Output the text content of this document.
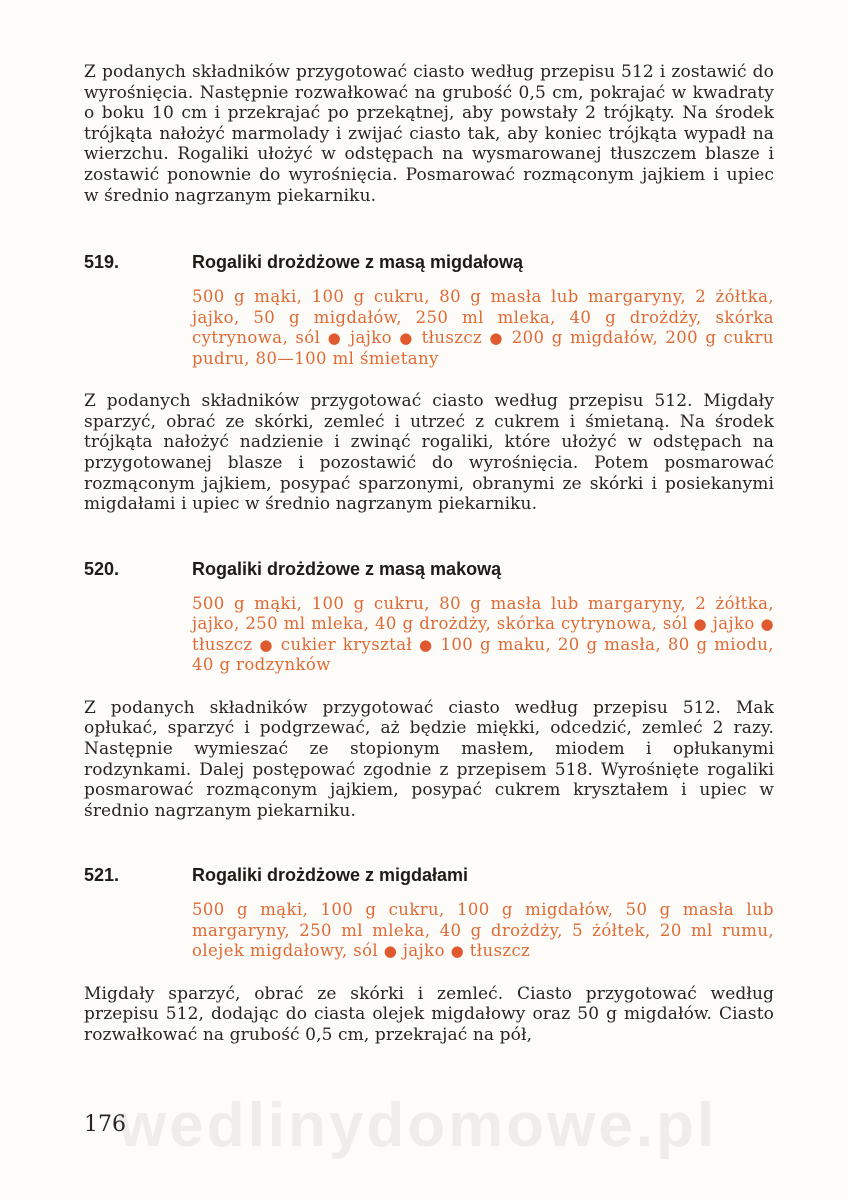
wedlinydomowe.pl

Z podanych składników przygotować ciasto według przepisu 512 i zostawić do wyrośnięcia. Następnie rozwałkować na grubość 0,5 cm, pokrajać w kwadraty o boku 10 cm i przekrajać po przekątnej, aby powstały 2 trójkąty. Na środek trójkąta nałożyć marmolady i zwijać ciasto tak, aby koniec trójkąta wypadł na wierzchu. Rogaliki ułożyć w odstępach na wysmarowanej tłuszczem blasze i zostawić ponownie do wyrośnięcia. Posmarować rozmąconym jajkiem i upiec w średnio nagrzanym piekarniku.

519.	Rogaliki drożdżowe z masą migdałową
500 g mąki, 100 g cukru, 80 g masła lub margaryny, 2 żółtka, jajko, 50 g migdałów, 250 ml mleka, 40 g drożdży, skórka cytrynowa, sól ● jajko ● tłuszcz ● 200 g migdałów, 200 g cukru pudru, 80—100 ml śmietany

Z podanych składników przygotować ciasto według przepisu 512. Migdały sparzyć, obrać ze skórki, zemleć i utrzeć z cukrem i śmietaną. Na środek trójkąta nałożyć nadzienie i zwinąć rogaliki, które ułożyć w odstępach na przygotowanej blasze i pozostawić do wyrośnięcia. Potem posmarować rozmąconym jajkiem, posypać sparzonymi, obranymi ze skórki i posiekanymi migdałami i upiec w średnio nagrzanym piekarniku.

520.	Rogaliki drożdżowe z masą makową
500 g mąki, 100 g cukru, 80 g masła lub margaryny, 2 żółtka, jajko, 250 ml mleka, 40 g drożdży, skórka cytrynowa, sól ● jajko ● tłuszcz ● cukier kryształ ● 100 g maku, 20 g masła, 80 g miodu, 40 g rodzynków

Z podanych składników przygotować ciasto według przepisu 512. Mak opłukać, sparzyć i podgrzewać, aż będzie miękki, odcedzić, zemleć 2 razy. Następnie wymieszać ze stopionym masłem, miodem i opłukanymi rodzynkami. Dalej postępować zgodnie z przepisem 518. Wyrośnięte rogaliki posmarować rozmąconym jajkiem, posypać cukrem kryształem i upiec w średnio nagrzanym piekarniku.

521.	Rogaliki drożdżowe z migdałami
500 g mąki, 100 g cukru, 100 g migdałów, 50 g masła lub margaryny, 250 ml mleka, 40 g drożdży, 5 żółtek, 20 ml rumu, olejek migdałowy, sól ● jajko ● tłuszcz

Migdały sparzyć, obrać ze skórki i zemleć. Ciasto przygotować według przepisu 512, dodając do ciasta olejek migdałowy oraz 50 g migdałów. Ciasto rozwałkować na grubość 0,5 cm, przekrajać na pół,

176
